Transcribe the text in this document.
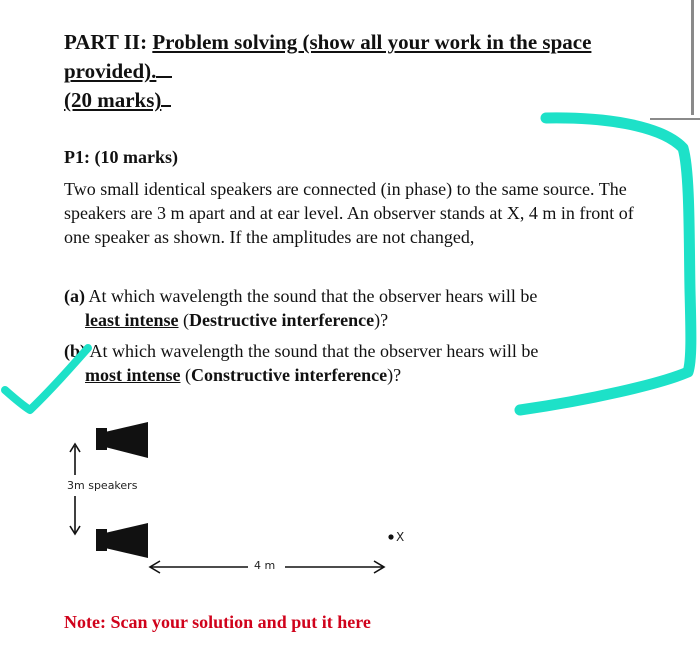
PART II: Problem solving (show all your work in the space provided).
(20 marks)
P1: (10 marks)
Two small identical speakers are connected (in phase) to the same source. The speakers are 3 m apart and at ear level. An observer stands at X, 4 m in front of one speaker as shown. If the amplitudes are not changed,
(a) At which wavelength the sound that the observer hears will be
least intense (Destructive interference)?
(b) At which wavelength the sound that the observer hears will be
most intense (Constructive interference)?
3m speakers
X
4 m
Note: Scan your solution and put it here
